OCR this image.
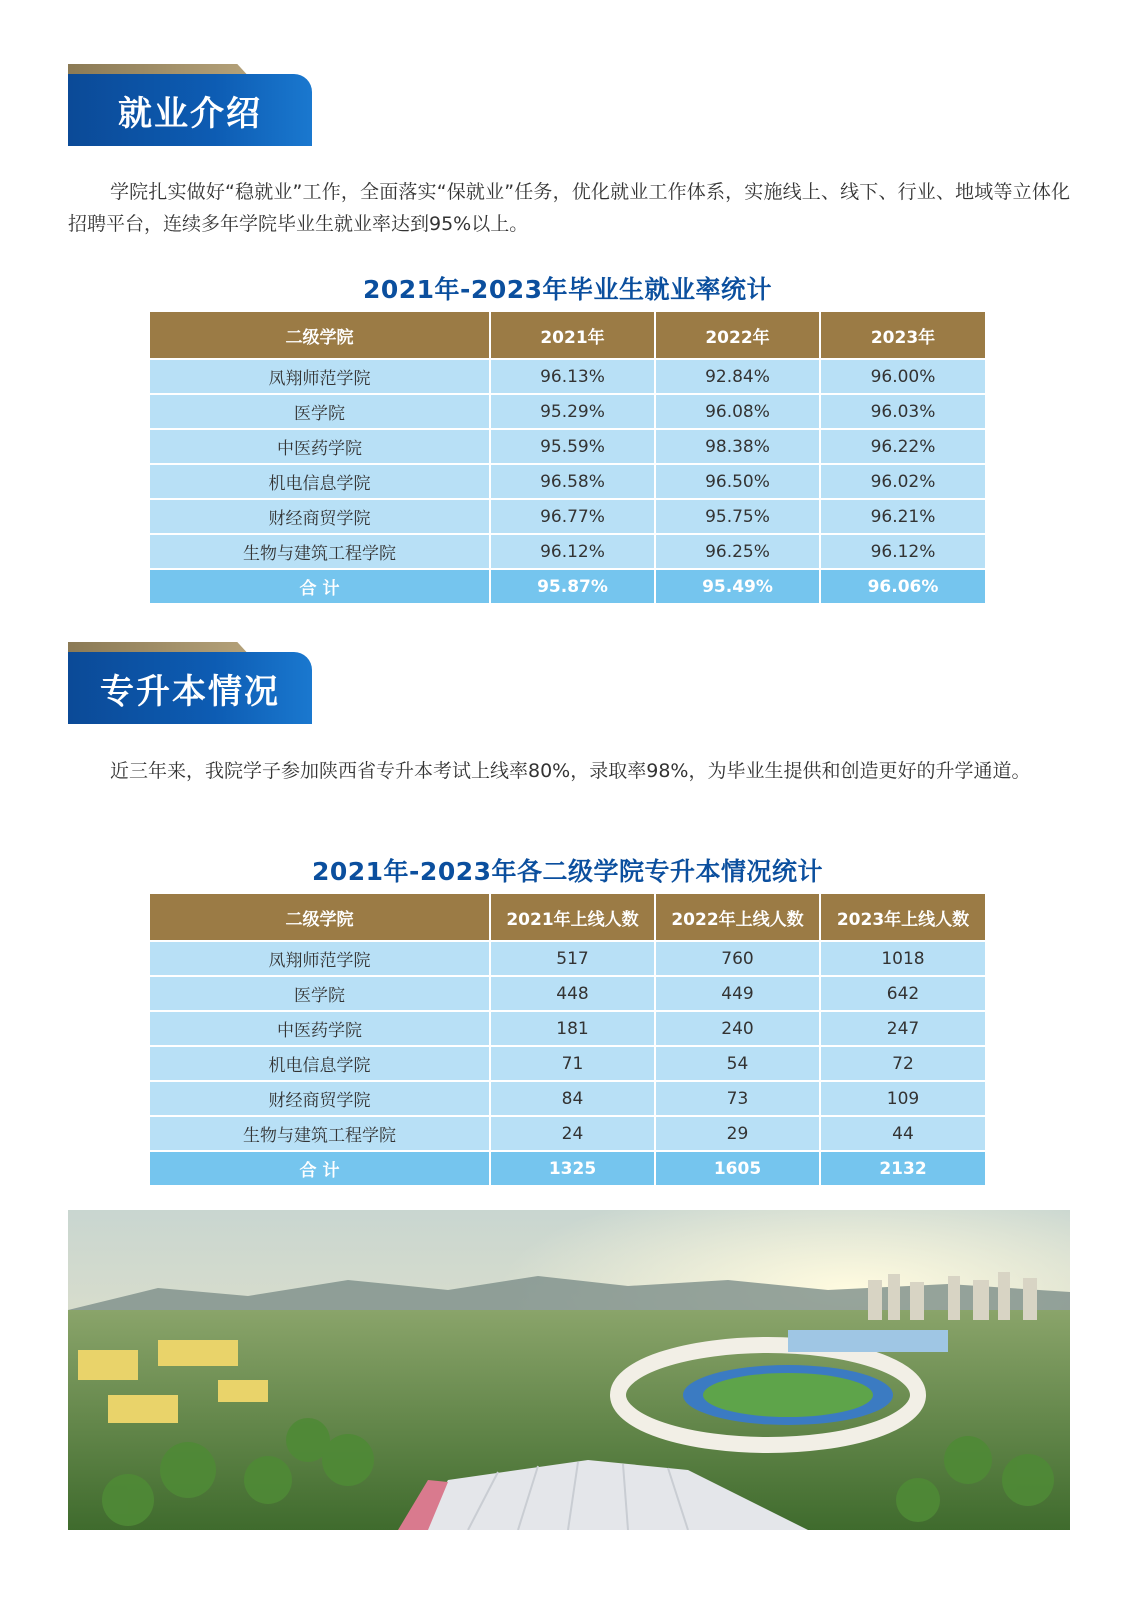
就业介绍
学院扎实做好“稳就业”工作，全面落实“保就业”任务，优化就业工作体系，实施线上、线下、行业、地域等立体化招聘平台，连续多年学院毕业生就业率达到95%以上。
2021年-2023年毕业生就业率统计
二级学院	2021年	2022年	2023年
凤翔师范学院	96.13%	92.84%	96.00%
医学院	95.29%	96.08%	96.03%
中医药学院	95.59%	98.38%	96.22%
机电信息学院	96.58%	96.50%	96.02%
财经商贸学院	96.77%	95.75%	96.21%
生物与建筑工程学院	96.12%	96.25%	96.12%
合 计	95.87%	95.49%	96.06%
专升本情况
近三年来，我院学子参加陕西省专升本考试上线率80%，录取率98%，为毕业生提供和创造更好的升学通道。
2021年-2023年各二级学院专升本情况统计
二级学院	2021年上线人数	2022年上线人数	2023年上线人数
凤翔师范学院	517	760	1018
医学院	448	449	642
中医药学院	181	240	247
机电信息学院	71	54	72
财经商贸学院	84	73	109
生物与建筑工程学院	24	29	44
合 计	1325	1605	2132
